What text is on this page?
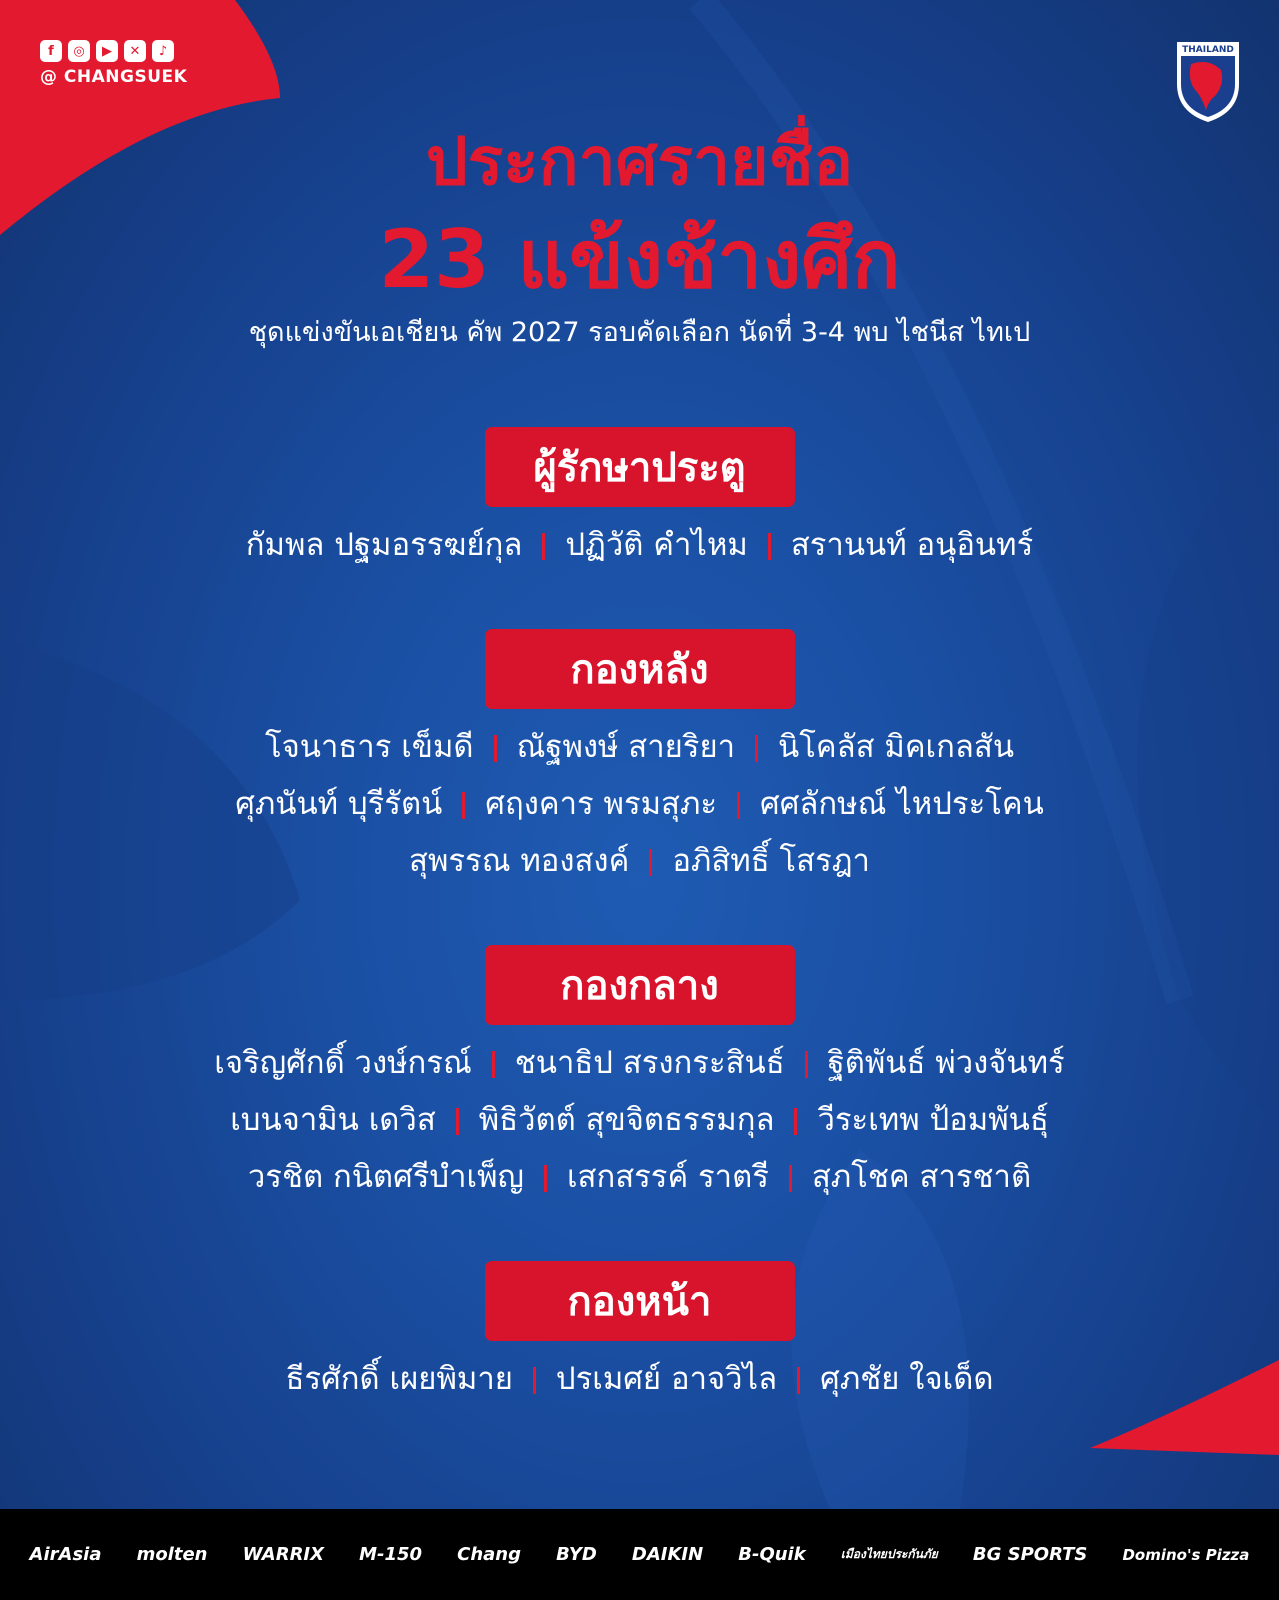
f	◎	▶	✕	♪
@ CHANGSUEK
THAILAND
ประกาศรายชื่อ
23 แข้งช้างศึก
ชุดแข่งขันเอเชียน คัพ 2027 รอบคัดเลือก นัดที่ 3-4 พบ ไชนีส ไทเป
ผู้รักษาประตู
กัมพล ปฐมอรรฆย์กุล ปฏิวัติ คำไหม สรานนท์ อนุอินทร์
กองหลัง
โจนาธาร เข็มดี ณัฐพงษ์ สายริยา นิโคลัส มิคเกลสัน
ศุภนันท์ บุรีรัตน์ ศฤงคาร พรมสุภะ ศศลักษณ์ ไหประโคน
สุพรรณ ทองสงค์ อภิสิทธิ์ โสรฎา
กองกลาง
เจริญศักดิ์ วงษ์กรณ์ ชนาธิป สรงกระสินธ์ ฐิติพันธ์ พ่วงจันทร์
เบนจามิน เดวิส พิธิวัตต์ สุขจิตธรรมกุล วีระเทพ ป้อมพันธุ์
วรชิต กนิตศรีบำเพ็ญ เสกสรรค์ ราตรี สุภโชค สารชาติ
กองหน้า
ธีรศักดิ์ เผยพิมาย ปรเมศย์ อาจวิไล ศุภชัย ใจเด็ด
AirAsia molten WARRIX M-150 Chang BYD DAIKIN B-Quik	เมืองไทยประกันภัย BG SPORTS Domino's Pizza
